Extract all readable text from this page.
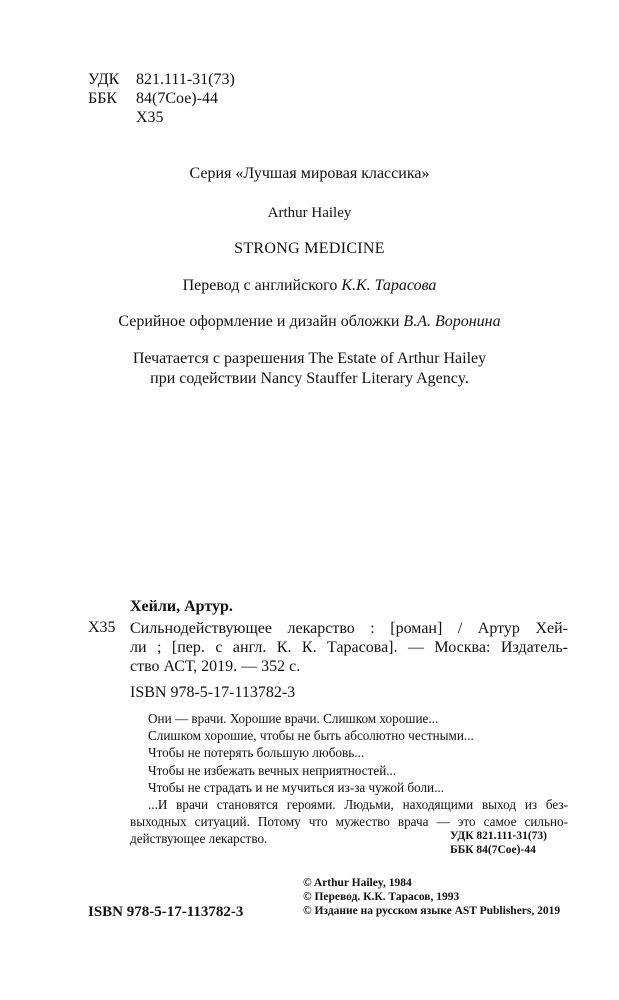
УДК 821.111-31(73)
ББК 84(7Сое)-44
Х35
Серия «Лучшая мировая классика»
Arthur Hailey
STRONG MEDICINE
Перевод с английского К.К. Тарасова
Серийное оформление и дизайн обложки В.А. Воронина
Печатается с разрешения The Estate of Arthur Hailey
при содействии Nancy Stauffer Literary Agency.
Хейли, Артур.
Х35 Сильнодействующее лекарство : [роман] / Артур Хей-
ли ; [пер. с англ. К. К. Тарасова]. — Москва: Издатель-
ство АСТ, 2019. — 352 с.
ISBN 978-5-17-113782-3
Они — врачи. Хорошие врачи. Слишком хорошие...
Слишком хорошие, чтобы не быть абсолютно честными...
Чтобы не потерять большую любовь...
Чтобы не избежать вечных неприятностей...
Чтобы не страдать и не мучиться из-за чужой боли...
...И врачи становятся героями. Людьми, находящими выход из без-
выходных ситуаций. Потому что мужество врача — это самое сильно-
действующее лекарство.	УДК 821.111-31(73)
ББК 84(7Сое)-44
© Arthur Hailey, 1984
© Перевод. К.К. Тарасов, 1993
© Издание на русском языке AST Publishers, 2019
ISBN 978-5-17-113782-3
